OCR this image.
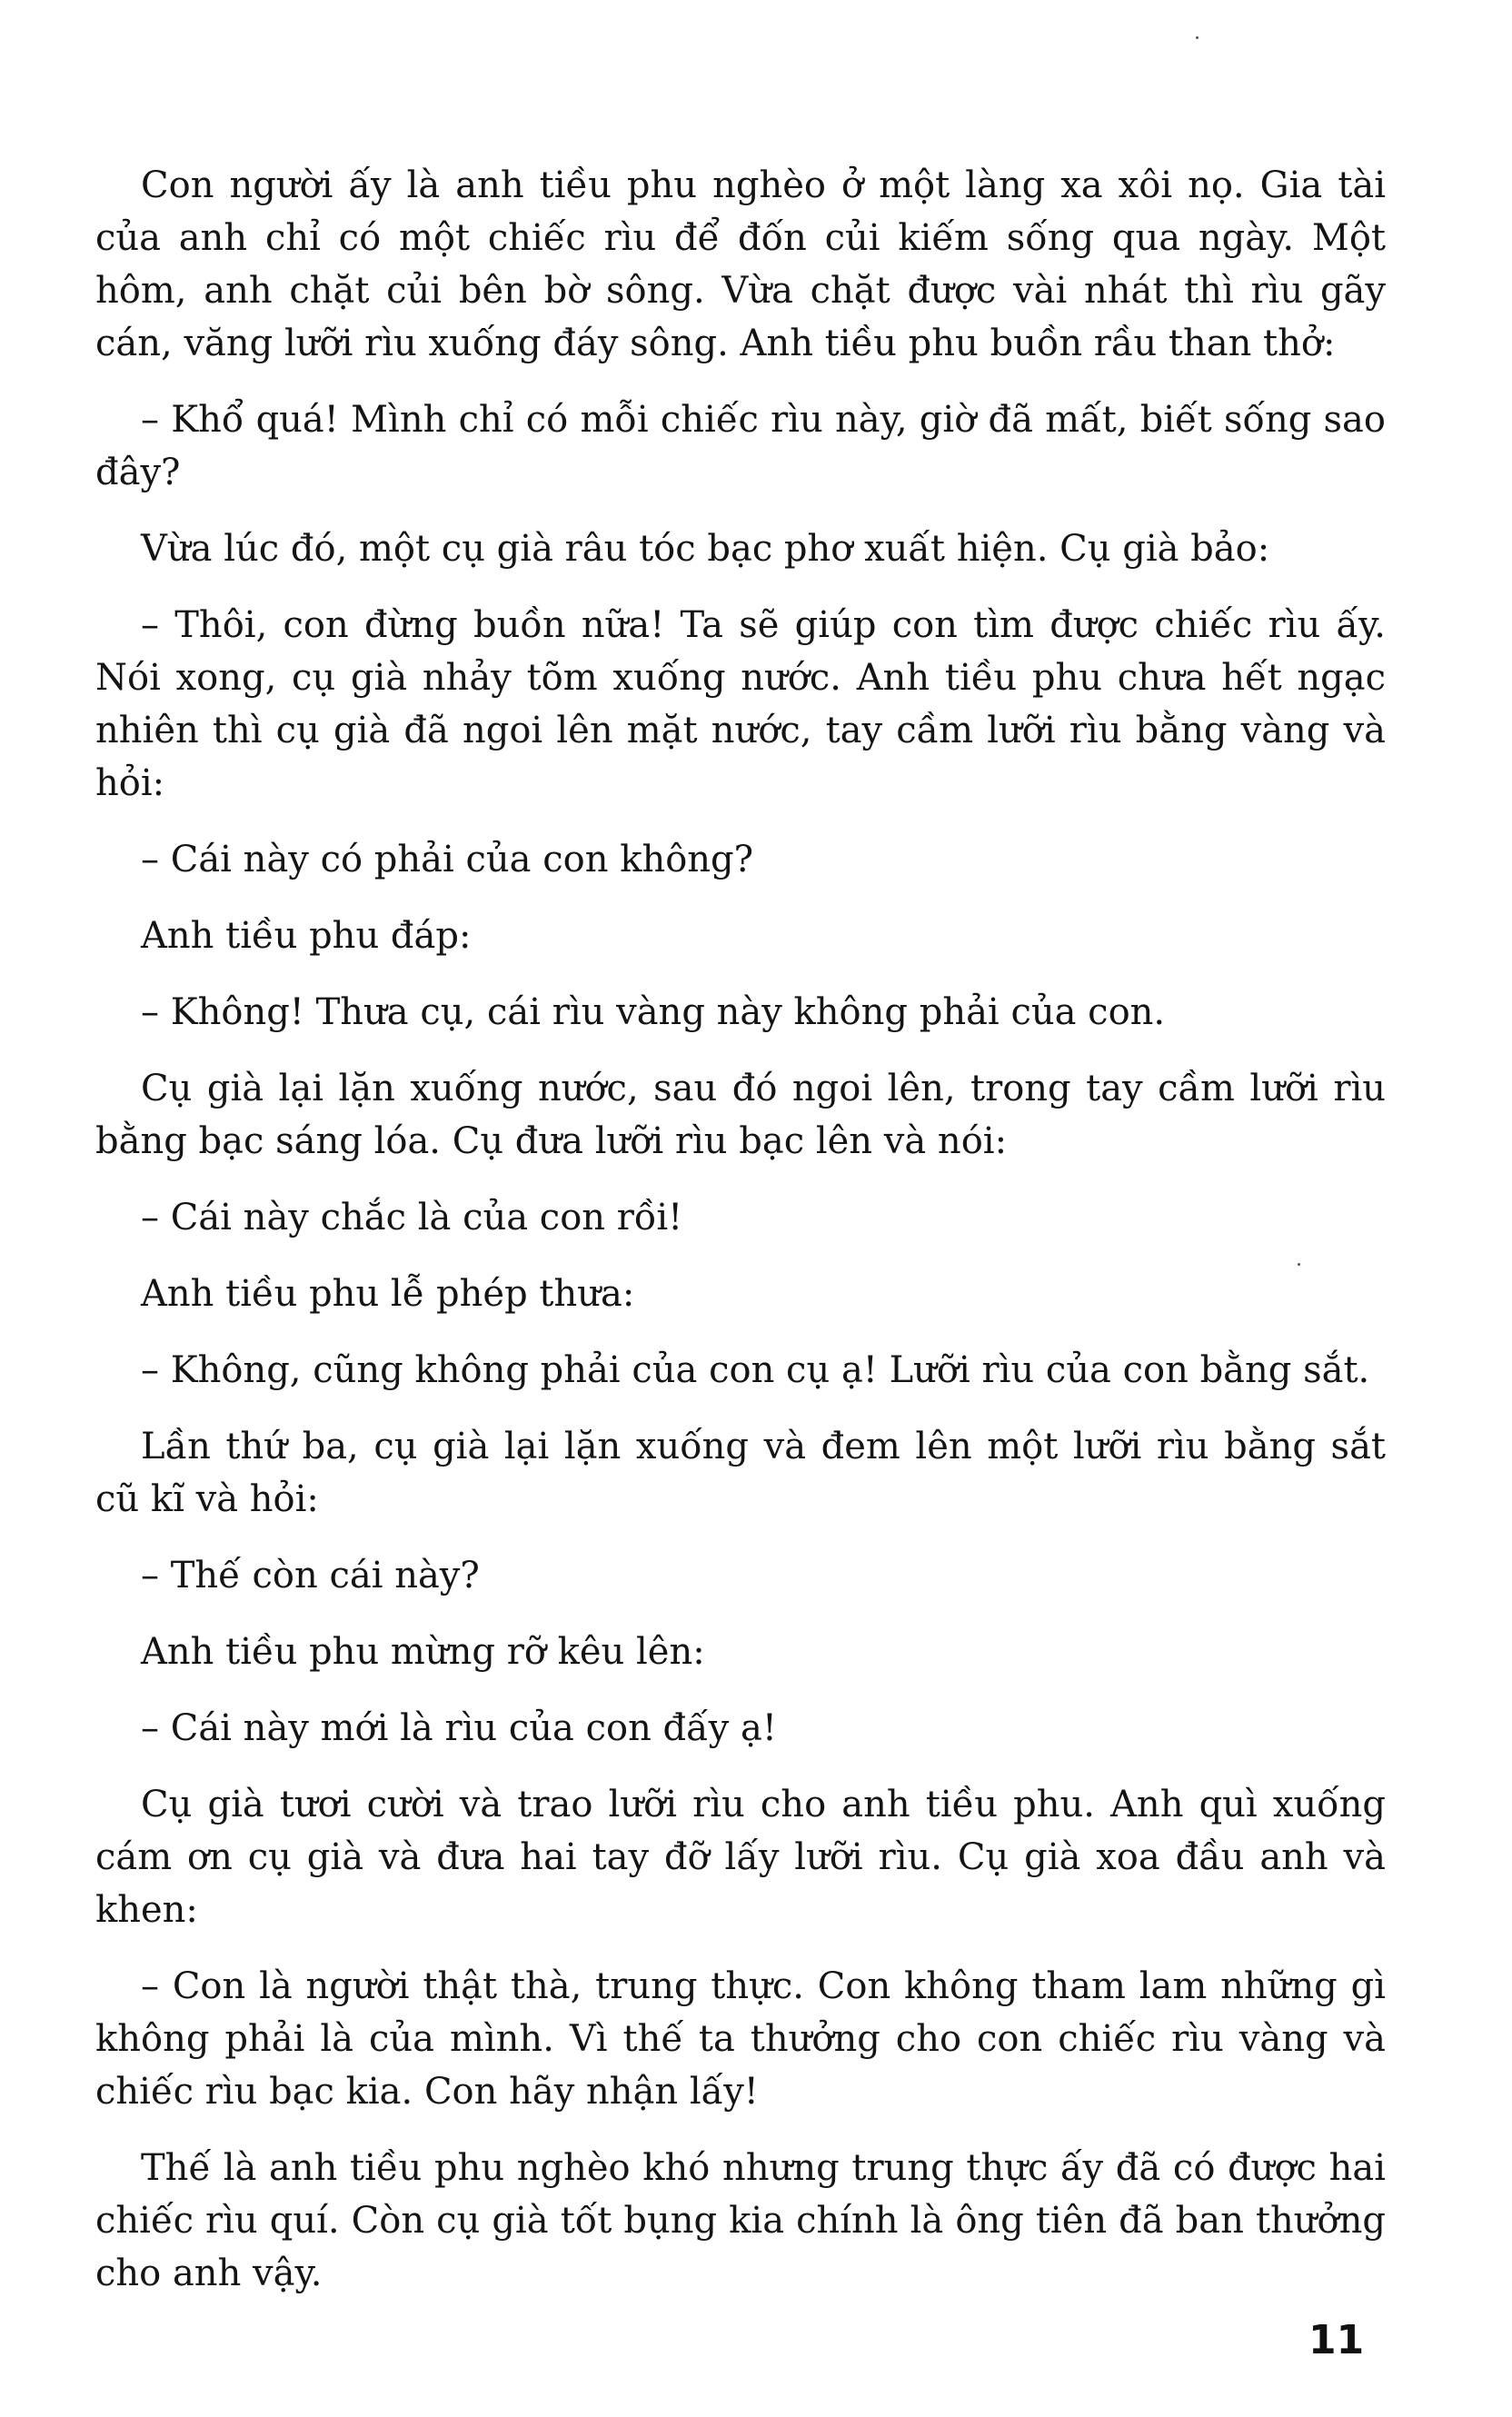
Con người ấy là anh tiều phu nghèo ở một làng xa xôi nọ. Gia tài của anh chỉ có một chiếc rìu để đốn củi kiếm sống qua ngày. Một hôm, anh chặt củi bên bờ sông. Vừa chặt được vài nhát thì rìu gãy cán, văng lưỡi rìu xuống đáy sông. Anh tiều phu buồn rầu than thở:

– Khổ quá! Mình chỉ có mỗi chiếc rìu này, giờ đã mất, biết sống sao đây?

Vừa lúc đó, một cụ già râu tóc bạc phơ xuất hiện. Cụ già bảo:

– Thôi, con đừng buồn nữa! Ta sẽ giúp con tìm được chiếc rìu ấy. Nói xong, cụ già nhảy tõm xuống nước. Anh tiều phu chưa hết ngạc nhiên thì cụ già đã ngoi lên mặt nước, tay cầm lưỡi rìu bằng vàng và hỏi:

– Cái này có phải của con không?

Anh tiều phu đáp:

– Không! Thưa cụ, cái rìu vàng này không phải của con.

Cụ già lại lặn xuống nước, sau đó ngoi lên, trong tay cầm lưỡi rìu bằng bạc sáng lóa. Cụ đưa lưỡi rìu bạc lên và nói:

– Cái này chắc là của con rồi!

Anh tiều phu lễ phép thưa:

– Không, cũng không phải của con cụ ạ! Lưỡi rìu của con bằng sắt.

Lần thứ ba, cụ già lại lặn xuống và đem lên một lưỡi rìu bằng sắt cũ kĩ và hỏi:

– Thế còn cái này?

Anh tiều phu mừng rỡ kêu lên:

– Cái này mới là rìu của con đấy ạ!

Cụ già tươi cười và trao lưỡi rìu cho anh tiều phu. Anh quì xuống cám ơn cụ già và đưa hai tay đỡ lấy lưỡi rìu. Cụ già xoa đầu anh và khen:

– Con là người thật thà, trung thực. Con không tham lam những gì không phải là của mình. Vì thế ta thưởng cho con chiếc rìu vàng và chiếc rìu bạc kia. Con hãy nhận lấy!

Thế là anh tiều phu nghèo khó nhưng trung thực ấy đã có được hai chiếc rìu quí. Còn cụ già tốt bụng kia chính là ông tiên đã ban thưởng cho anh vậy.

11
